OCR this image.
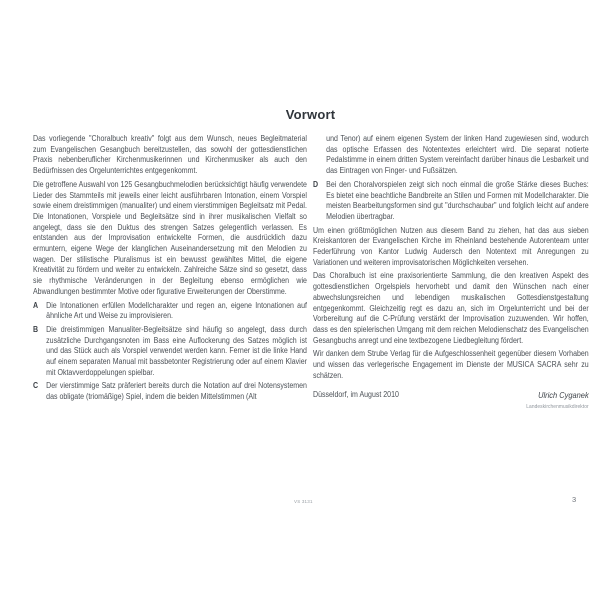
Vorwort

Das vorliegende "Choralbuch kreativ" folgt aus dem Wunsch, neues Begleitmaterial zum Evangelischen Gesangbuch bereitzustellen, das sowohl der gottesdienstlichen Praxis nebenberuflicher Kirchenmusikerinnen und Kirchenmusiker als auch den Bedürfnissen des Orgelunterrichtes entgegenkommt.

Die getroffene Auswahl von 125 Gesangbuchmelodien berücksichtigt häufig verwendete Lieder des Stammteils mit jeweils einer leicht ausführbaren Intonation, einem Vorspiel sowie einem dreistimmigen (manualiter) und einem vierstimmigen Begleitsatz mit Pedal. Die Intonationen, Vorspiele und Begleitsätze sind in ihrer musikalischen Vielfalt so angelegt, dass sie den Duktus des strengen Satzes gelegentlich verlassen. Es entstanden aus der Improvisation entwickelte Formen, die ausdrücklich dazu ermuntern, eigene Wege der klanglichen Auseinandersetzung mit den Melodien zu wagen. Der stilistische Pluralismus ist ein bewusst gewähltes Mittel, die eigene Kreativität zu fördern und weiter zu entwickeln. Zahlreiche Sätze sind so gesetzt, dass sie rhythmische Veränderungen in der Begleitung ebenso ermöglichen wie Abwandlungen bestimmter Motive oder figurative Erweiterungen der Oberstimme.

A	Die Intonationen erfüllen Modellcharakter und regen an, eigene Intonationen auf ähnliche Art und Weise zu improvisieren.
B	Die dreistimmigen Manualiter-Begleitsätze sind häufig so angelegt, dass durch zusätzliche Durchgangsnoten im Bass eine Auflockerung des Satzes möglich ist und das Stück auch als Vorspiel verwendet werden kann. Ferner ist die linke Hand auf einem separaten Manual mit bassbetonter Registrierung oder auf einem Klavier mit Oktavverdoppelungen spielbar.
C	Der vierstimmige Satz präferiert bereits durch die Notation auf drei Notensystemen das obligate (triomäßige) Spiel, indem die beiden Mittelstimmen (Alt
und Tenor) auf einem eigenen System der linken Hand zugewiesen sind, wodurch das optische Erfassen des Notentextes erleichtert wird. Die separat notierte Pedalstimme in einem dritten System vereinfacht darüber hinaus die Lesbarkeit und das Eintragen von Finger- und Fußsätzen.
D	Bei den Choralvorspielen zeigt sich noch einmal die große Stärke dieses Buches: Es bietet eine beachtliche Bandbreite an Stilen und Formen mit Modellcharakter. Die meisten Bearbeitungsformen sind gut "durchschaubar" und folglich leicht auf andere Melodien übertragbar.

Um einen größtmöglichen Nutzen aus diesem Band zu ziehen, hat das aus sieben Kreiskantoren der Evangelischen Kirche im Rheinland bestehende Autorenteam unter Federführung von Kantor Ludwig Audersch den Notentext mit Anregungen zu Variationen und weiteren improvisatorischen Möglichkeiten versehen.

Das Choralbuch ist eine praxisorientierte Sammlung, die den kreativen Aspekt des gottesdienstlichen Orgelspiels hervorhebt und damit den Wünschen nach einer abwechslungsreichen und lebendigen musikalischen Gottesdienstgestaltung entgegenkommt. Gleichzeitig regt es dazu an, sich im Orgelunterricht und bei der Vorbereitung auf die C-Prüfung verstärkt der Improvisation zuzuwenden. Wir hoffen, dass es den spielerischen Umgang mit dem reichen Melodienschatz des Evangelischen Gesangbuchs anregt und eine textbezogene Liedbegleitung fördert.

Wir danken dem Strube Verlag für die Aufgeschlossenheit gegenüber diesem Vorhaben und wissen das verlegerische Engagement im Dienste der MUSICA SACRA sehr zu schätzen.

Düsseldorf, im August 2010	Ulrich Cyganek
Landeskirchenmusikdirektor
VS 3131	3
